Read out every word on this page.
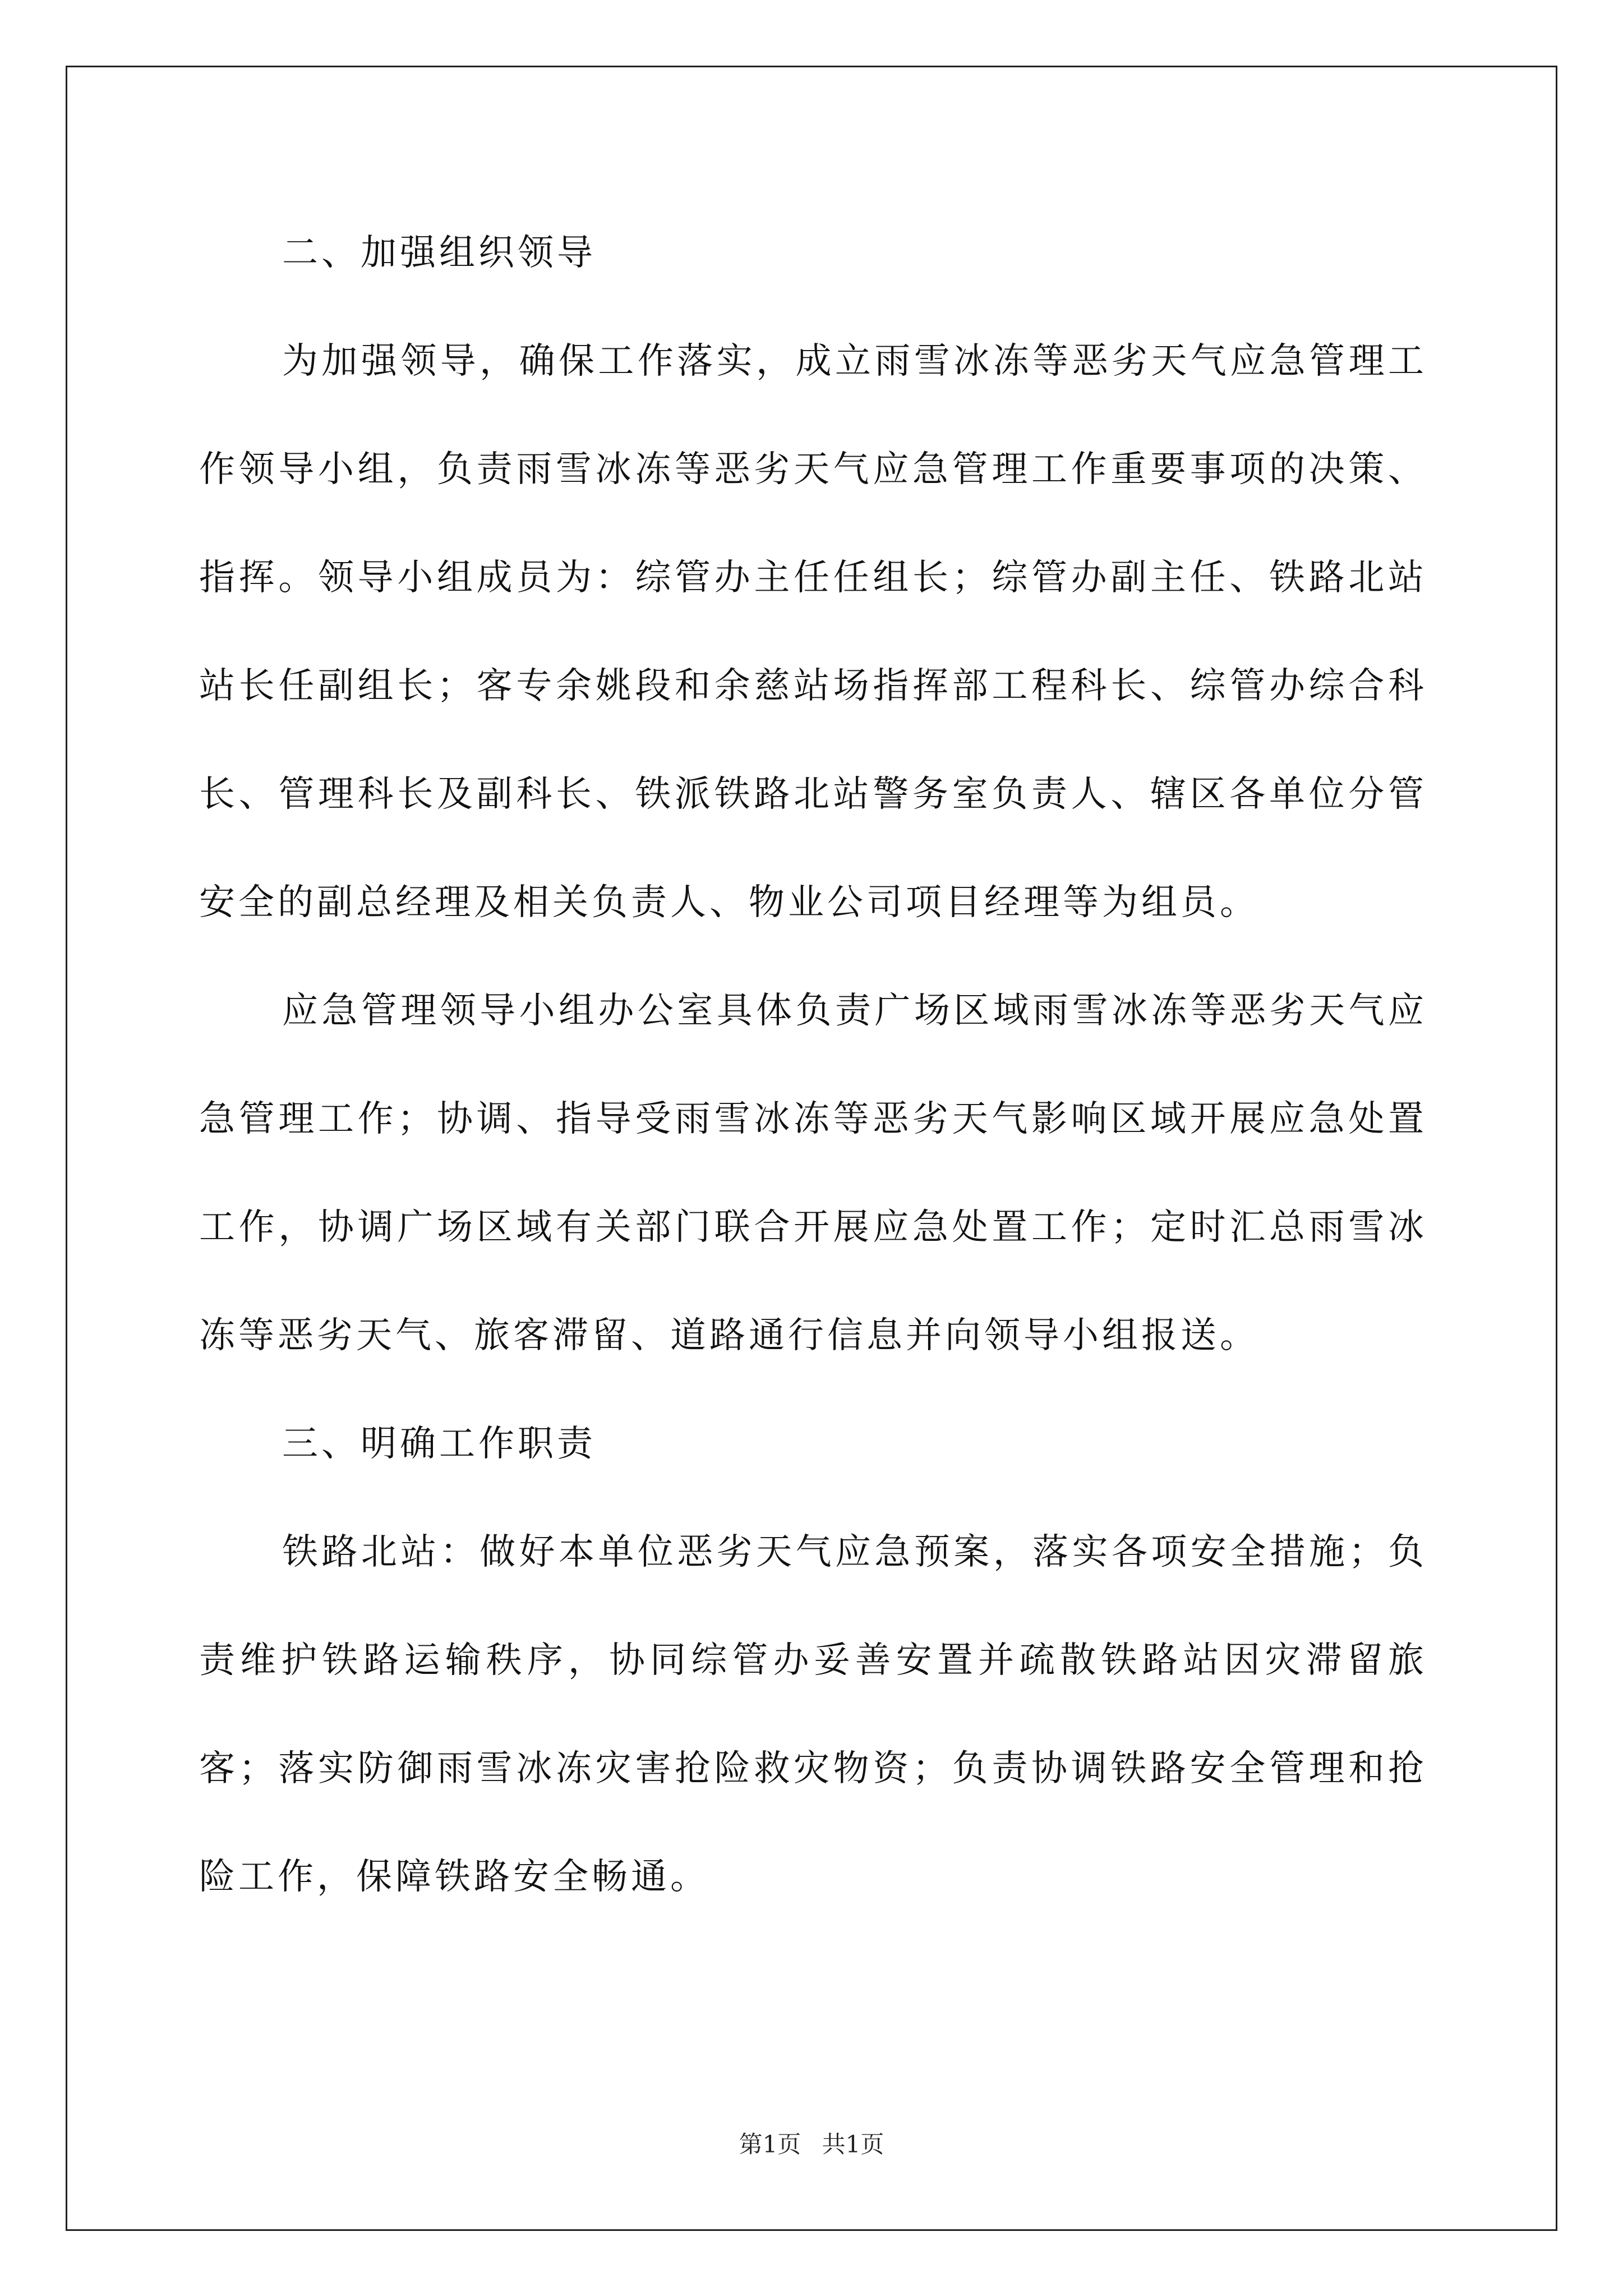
二、加强组织领导

为加强领导，确保工作落实，成立雨雪冰冻等恶劣天气应急管理工作领导小组，负责雨雪冰冻等恶劣天气应急管理工作重要事项的决策、指挥。领导小组成员为：综管办主任任组长；综管办副主任、铁路北站站长任副组长；客专余姚段和余慈站场指挥部工程科长、综管办综合科长、管理科长及副科长、铁派铁路北站警务室负责人、辖区各单位分管安全的副总经理及相关负责人、物业公司项目经理等为组员。

应急管理领导小组办公室具体负责广场区域雨雪冰冻等恶劣天气应急管理工作；协调、指导受雨雪冰冻等恶劣天气影响区域开展应急处置工作，协调广场区域有关部门联合开展应急处置工作；定时汇总雨雪冰冻等恶劣天气、旅客滞留、道路通行信息并向领导小组报送。

三、明确工作职责

铁路北站：做好本单位恶劣天气应急预案，落实各项安全措施；负责维护铁路运输秩序，协同综管办妥善安置并疏散铁路站因灾滞留旅客；落实防御雨雪冰冻灾害抢险救灾物资；负责协调铁路安全管理和抢险工作，保障铁路安全畅通。

第1页 共1页
